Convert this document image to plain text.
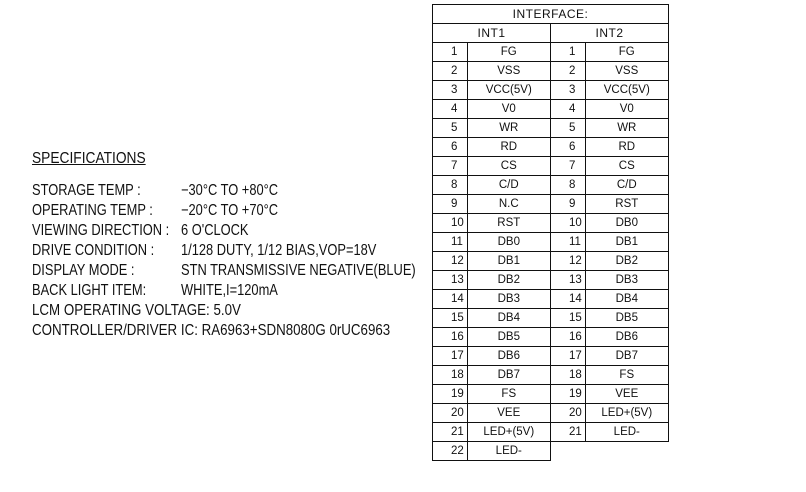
SPECIFICATIONS
STORAGE TEMP :	−30°C TO +80°C
OPERATING TEMP : −20°C TO +70°C
VIEWING DIRECTION : 6 O'CLOCK
DRIVE CONDITION : 1/128 DUTY, 1/12 BIAS,VOP=18V
DISPLAY MODE :	STN TRANSMISSIVE NEGATIVE(BLUE)
BACK LIGHT ITEM: WHITE,I=120mA
LCM OPERATING VOLTAGE: 5.0V
CONTROLLER/DRIVER IC: RA6963+SDN8080G 0rUC6963
INTERFACE:			
INT1		INT2	
1	FG	1	FG
2	VSS	2	VSS
3	VCC(5V)	3	VCC(5V)
4	V0	4	V0
5	WR	5	WR
6	RD	6	RD
7	CS	7	CS
8	C/D	8	C/D
9	N.C	9	RST
10	RST	10	DB0
11	DB0	11	DB1
12	DB1	12	DB2
13	DB2	13	DB3
14	DB3	14	DB4
15	DB4	15	DB5
16	DB5	16	DB6
17	DB6	17	DB7
18	DB7	18	FS
19	FS	19	VEE
20	VEE	20	LED+(5V)
21	LED+(5V)	21	LED-
22	LED-		
